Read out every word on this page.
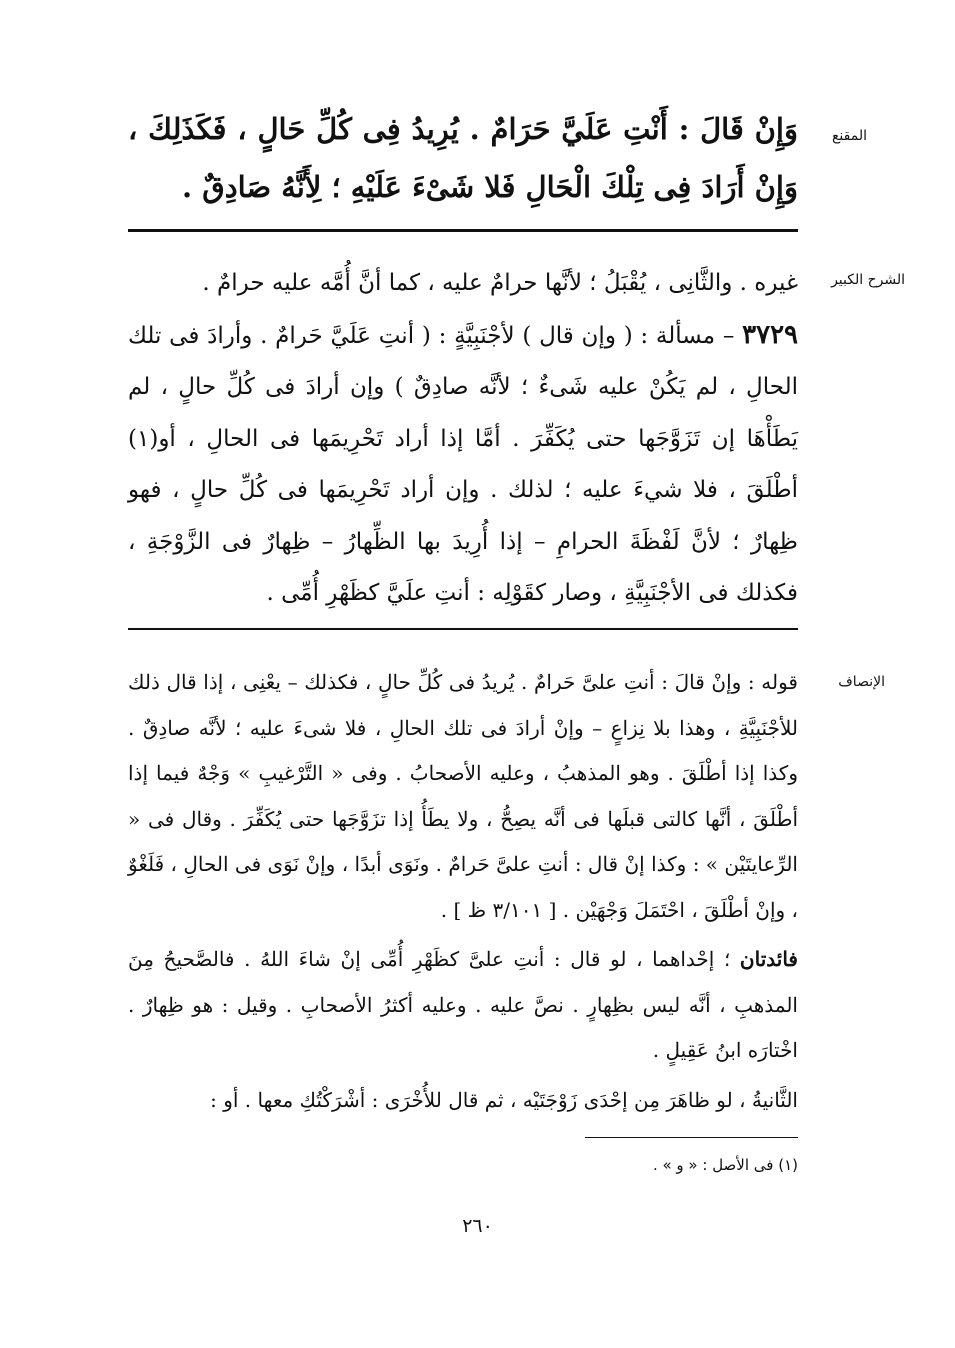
المقنع

وَإِنْ قَالَ : أَنْتِ عَلَيَّ حَرَامٌ . يُرِيدُ فِى كُلِّ حَالٍ ، فَكَذَلِكَ ، وَإِنْ أَرَادَ فِى تِلْكَ الْحَالِ فَلا شَىْءَ عَلَيْهِ ؛ لِأَنَّهُ صَادِقٌ .

الشرح الكبير

غيره . والثَّانِى ، يُقْبَلُ ؛ لأنَّها حرامٌ عليه ، كما أنَّ أُمَّه عليه حرامٌ .

٣٧٢٩ – مسألة : ( وإن قال ) لأجْنَبِيَّةٍ : ( أنتِ عَلَيَّ حَرامٌ . وأرادَ فى تلك الحالِ ، لم يَكُنْ عليه شَىءٌ ؛ لأنَّه صادِقٌ ) وإن أرادَ فى كُلِّ حالٍ ، لم يَطَأْهَا إن تَزَوَّجَها حتى يُكَفِّرَ . أمَّا إذا أراد تَحْرِيمَها فى الحالِ ، أو(١) أطْلَقَ ، فلا شيءَ عليه ؛ لذلك . وإن أراد تَحْرِيمَها فى كُلِّ حالٍ ، فهو ظِهارٌ ؛ لأنَّ لَفْظَةَ الحرامِ – إذا أُرِيدَ بها الظِّهارُ – ظِهارٌ فى الزَّوْجَةِ ، فكذلك فى الأجْنَبِيَّةِ ، وصار كقَوْلِه : أنتِ علَيَّ كظَهْرِ أُمِّى .

الإنصاف

قوله : وإنْ قالَ : أنتِ علىَّ حَرامٌ . يُريدُ فى كُلِّ حالٍ ، فكذلك – يعْنِى ، إذا قال ذلك للأجْنَبِيَّةِ ، وهذا بلا نِزاعٍ – وإنْ أرادَ فى تلك الحالِ ، فلا شىءَ عليه ؛ لأنَّه صادِقٌ . وكذا إذا أطْلَقَ . وهو المذهبُ ، وعليه الأصحابُ . وفى « التَّرْغيبِ » وَجْهٌ فيما إذا أطْلَقَ ، أنَّها كالتى قبلَها فى أنَّه يصِحُّ ، ولا يطَأُ إذا تزَوَّجَها حتى يُكَفِّرَ . وقال فى « الرِّعايتَيْن » : وكذا إنْ قال : أنتِ علىَّ حَرامٌ . ونَوَى أبدًا ، وإنْ نَوَى فى الحالِ ، فَلَغْوٌ ، وإنْ أطْلَقَ ، احْتَمَلَ وَجْهَيْن . [ ٣/١٠١ ظ ] .

فائدتان ؛ إحْداهما ، لو قال : أنتِ علىَّ كظَهْرِ أُمِّى إنْ شاءَ اللهُ . فالصَّحيحُ مِنَ المذهبِ ، أنَّه ليس بظِهارٍ . نصَّ عليه . وعليه أكثرُ الأصحابِ . وقيل : هو ظِهارٌ . اخْتارَه ابنُ عَقِيلٍ .

الثَّانيةُ ، لو ظاهَرَ مِن إحْدَى زَوْجَتَيْه ، ثم قال للأُخْرَى : أشْرَكْتُكِ معها . أو :

(١) فى الأصل : « و » .
٢٦٠
